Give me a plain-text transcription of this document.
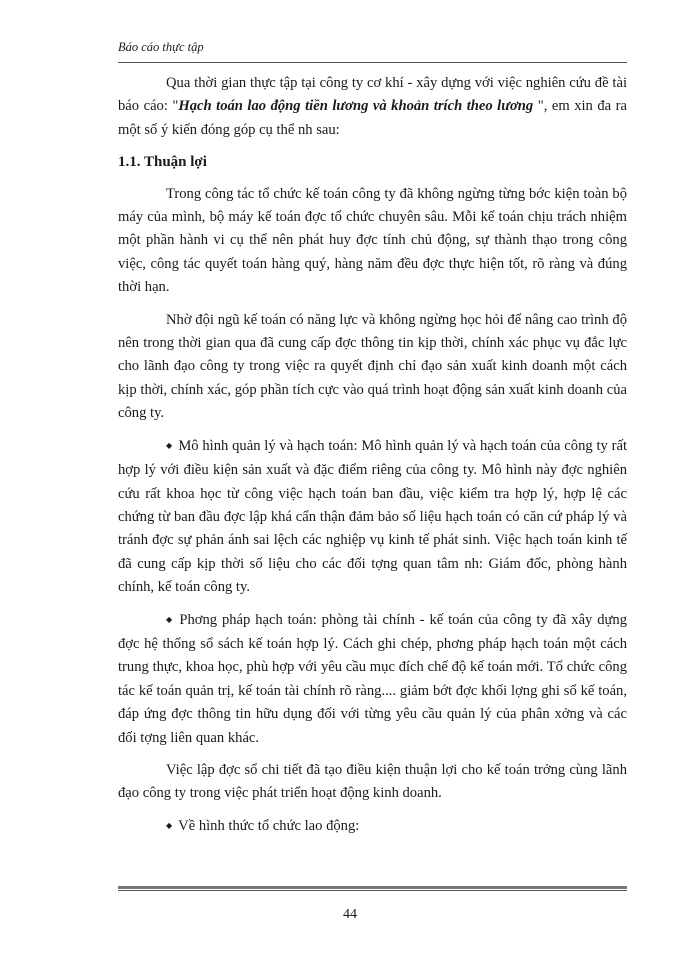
Báo cáo thực tập

Qua thời gian thực tập tại công ty cơ khí - xây dựng với việc nghiên cứu đề tài báo cáo: "Hạch toán lao động tiền lương và khoản trích theo lương ", em xin đa ra một số ý kiến đóng góp cụ thể nh sau:

1.1. Thuận lợi

Trong công tác tổ chức kế toán công ty đã không ngừng từng bớc kiện toàn bộ máy của mình, bộ máy kế toán đợc tổ chức chuyên sâu. Mỗi kế toán chịu trách nhiệm một phần hành vi cụ thể nên phát huy đợc tính chủ động, sự thành thạo trong công việc, công tác quyết toán hàng quý, hàng năm đều đợc thực hiện tốt, rõ ràng và đúng thời hạn.

Nhờ đội ngũ kế toán có năng lực và không ngừng học hỏi để nâng cao trình độ nên trong thời gian qua đã cung cấp đợc thông tin kịp thời, chính xác phục vụ đắc lực cho lãnh đạo công ty trong việc ra quyết định chỉ đạo sản xuất kinh doanh một cách kịp thời, chính xác, góp phần tích cực vào quá trình hoạt động sản xuất kinh doanh của công ty.

◆ Mô hình quản lý và hạch toán: Mô hình quản lý và hạch toán của công ty rất hợp lý với điều kiện sản xuất và đặc điểm riêng của công ty. Mô hình này đợc nghiên cứu rất khoa học từ công việc hạch toán ban đầu, việc kiểm tra hợp lý, hợp lệ các chứng từ ban đầu đợc lập khá cẩn thận đảm bảo số liệu hạch toán có căn cứ pháp lý và tránh đợc sự phản ánh sai lệch các nghiệp vụ kinh tế phát sinh. Việc hạch toán kinh tế đã cung cấp kịp thời số liệu cho các đối tợng quan tâm nh: Giám đốc, phòng hành chính, kế toán công ty.

◆ Phơng pháp hạch toán: phòng tài chính - kế toán của công ty đã xây dựng đợc hệ thống sổ sách kế toán hợp lý. Cách ghi chép, phơng pháp hạch toán một cách trung thực, khoa học, phù hợp với yêu cầu mục đích chế độ kế toán mới. Tổ chức công tác kế toán quản trị, kế toán tài chính rõ ràng.... giảm bớt đợc khối lợng ghi sổ kế toán, đáp ứng đợc thông tin hữu dụng đối với từng yêu cầu quản lý của phân xởng và các đối tợng liên quan khác.

Việc lập đợc sổ chi tiết đã tạo điều kiện thuận lợi cho kế toán trởng cùng lãnh đạo công ty trong việc phát triển hoạt động kinh doanh.

◆ Về hình thức tổ chức lao động:

44
